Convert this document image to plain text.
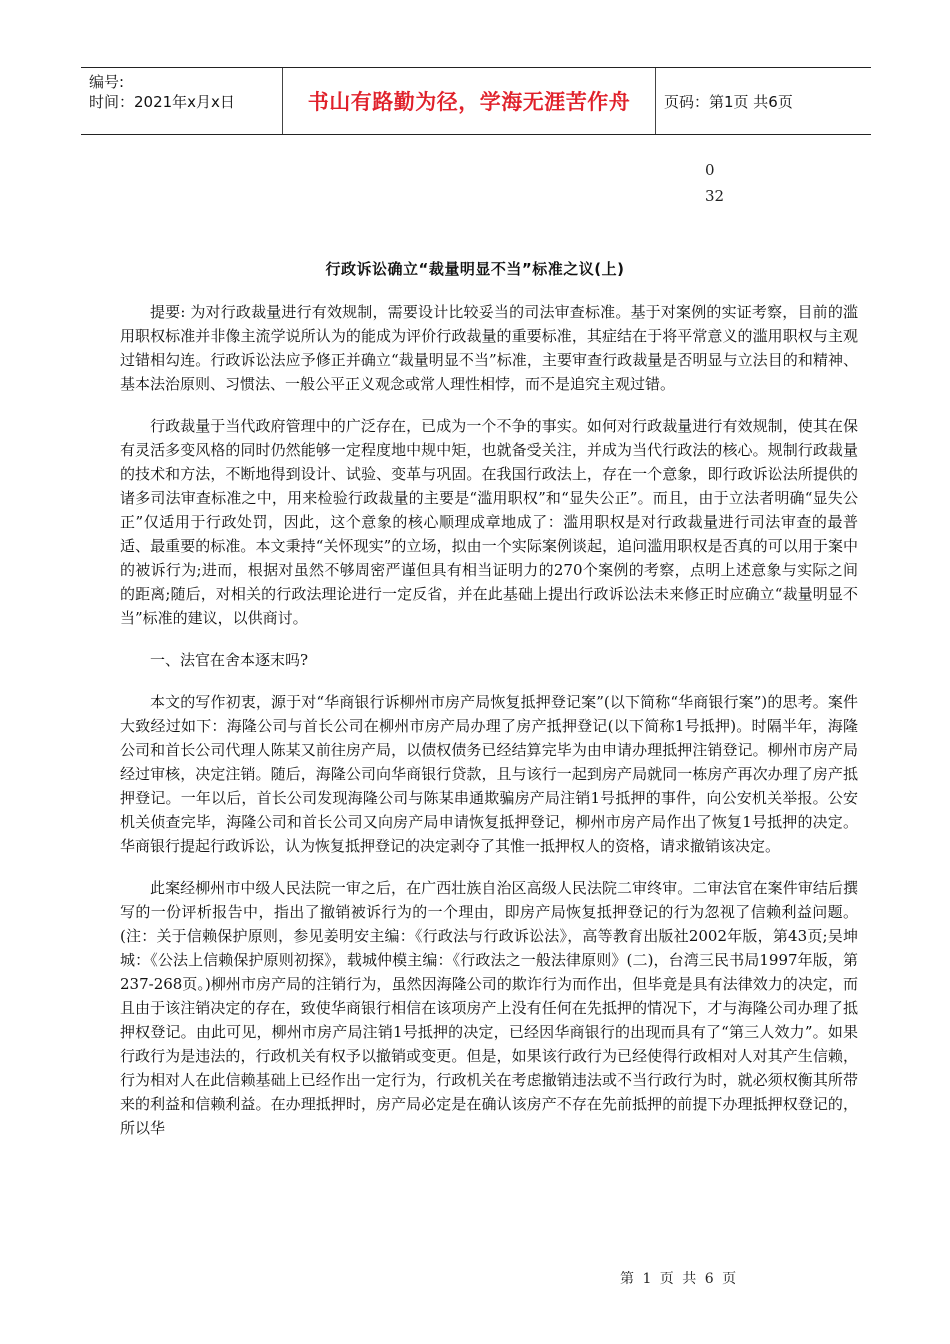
编号:
时间：2021年x月x日	书山有路勤为径，学海无涯苦作舟 页码：第1页 共6页
0
32
行政诉讼确立“裁量明显不当”标准之议(上)

提要: 为对行政裁量进行有效规制，需要设计比较妥当的司法审查标准。基于对案例的实证考察，目前的滥用职权标准并非像主流学说所认为的能成为评价行政裁量的重要标准，其症结在于将平常意义的滥用职权与主观过错相勾连。行政诉讼法应予修正并确立“裁量明显不当”标准，主要审查行政裁量是否明显与立法目的和精神、基本法治原则、习惯法、一般公平正义观念或常人理性相悖，而不是追究主观过错。

行政裁量于当代政府管理中的广泛存在，已成为一个不争的事实。如何对行政裁量进行有效规制，使其在保有灵活多变风格的同时仍然能够一定程度地中规中矩，也就备受关注，并成为当代行政法的核心。规制行政裁量的技术和方法，不断地得到设计、试验、变革与巩固。在我国行政法上，存在一个意象，即行政诉讼法所提供的诸多司法审查标准之中，用来检验行政裁量的主要是“滥用职权”和“显失公正”。而且，由于立法者明确“显失公正”仅适用于行政处罚，因此，这个意象的核心顺理成章地成了：滥用职权是对行政裁量进行司法审查的最普适、最重要的标准。本文秉持“关怀现实”的立场，拟由一个实际案例谈起，追问滥用职权是否真的可以用于案中的被诉行为;进而，根据对虽然不够周密严谨但具有相当证明力的270个案例的考察，点明上述意象与实际之间的距离;随后，对相关的行政法理论进行一定反省，并在此基础上提出行政诉讼法未来修正时应确立“裁量明显不当”标准的建议，以供商讨。

一、法官在舍本逐末吗?

本文的写作初衷，源于对“华商银行诉柳州市房产局恢复抵押登记案”(以下简称“华商银行案”)的思考。案件大致经过如下：海隆公司与首长公司在柳州市房产局办理了房产抵押登记(以下简称1号抵押)。时隔半年，海隆公司和首长公司代理人陈某又前往房产局，以债权债务已经结算完毕为由申请办理抵押注销登记。柳州市房产局经过审核，决定注销。随后，海隆公司向华商银行贷款，且与该行一起到房产局就同一栋房产再次办理了房产抵押登记。一年以后，首长公司发现海隆公司与陈某串通欺骗房产局注销1号抵押的事件，向公安机关举报。公安机关侦查完毕，海隆公司和首长公司又向房产局申请恢复抵押登记，柳州市房产局作出了恢复1号抵押的决定。华商银行提起行政诉讼，认为恢复抵押登记的决定剥夺了其惟一抵押权人的资格，请求撤销该决定。

此案经柳州市中级人民法院一审之后，在广西壮族自治区高级人民法院二审终审。二审法官在案件审结后撰写的一份评析报告中，指出了撤销被诉行为的一个理由，即房产局恢复抵押登记的行为忽视了信赖利益问题。(注：关于信赖保护原则，参见姜明安主编：《行政法与行政诉讼法》，高等教育出版社2002年版，第43页;吴坤城：《公法上信赖保护原则初探》，载城仲模主编：《行政法之一般法律原则》(二)，台湾三民书局1997年版，第237-268页。)柳州市房产局的注销行为，虽然因海隆公司的欺诈行为而作出，但毕竟是具有法律效力的决定，而且由于该注销决定的存在，致使华商银行相信在该项房产上没有任何在先抵押的情况下，才与海隆公司办理了抵押权登记。由此可见，柳州市房产局注销1号抵押的决定，已经因华商银行的出现而具有了“第三人效力”。如果行政行为是违法的，行政机关有权予以撤销或变更。但是，如果该行政行为已经使得行政相对人对其产生信赖，行为相对人在此信赖基础上已经作出一定行为，行政机关在考虑撤销违法或不当行政行为时，就必须权衡其所带来的利益和信赖利益。在办理抵押时，房产局必定是在确认该房产不存在先前抵押的前提下办理抵押权登记的，所以华

第 1 页 共 6 页
